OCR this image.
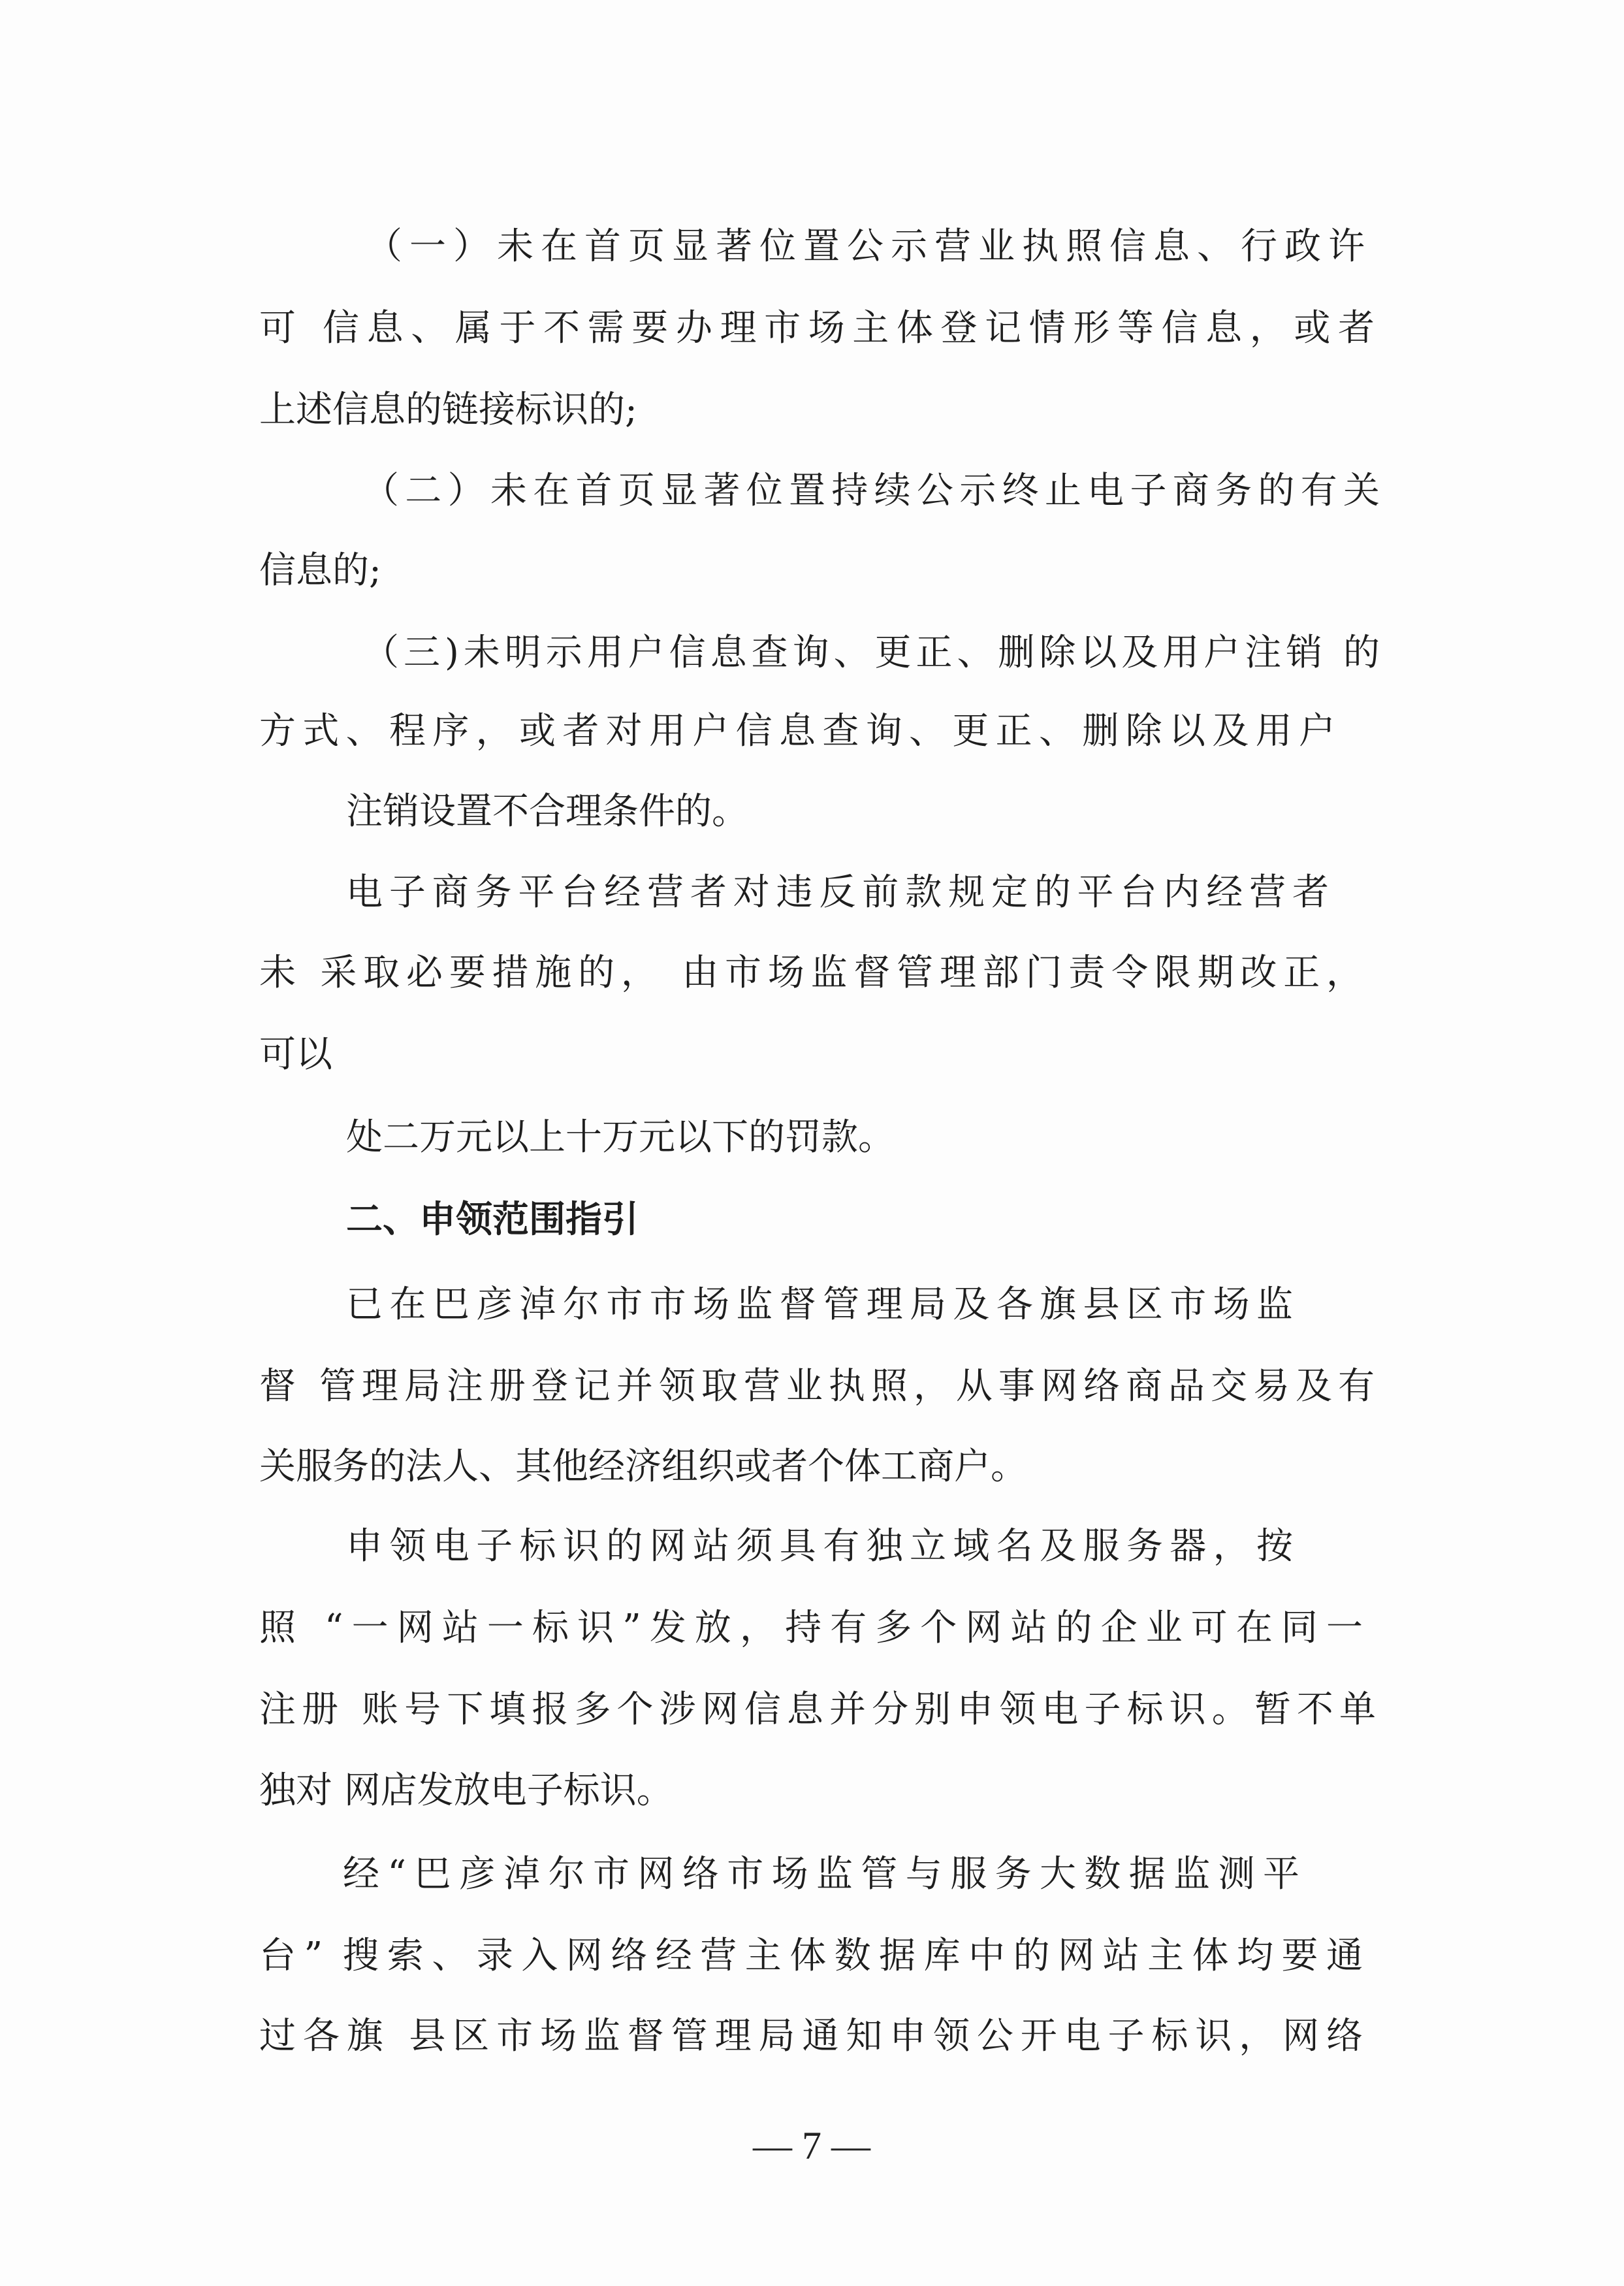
（一）未在首页显著位置公示营业执照信息、行政许
可 信息、属于不需要办理市场主体登记情形等信息，或者
上述信息的链接标识的;
（二）未在首页显著位置持续公示终止电子商务的有关
信息的;
（三)未明示用户信息查询、更正、删除以及用户注销 的
方式、程序，或者对用户信息查询、更正、删除以及用户
注销设置不合理条件的。
电子商务平台经营者对违反前款规定的平台内经营者
未 采取必要措施的， 由市场监督管理部门责令限期改正，
可以
处二万元以上十万元以下的罚款。
二、申领范围指引
已在巴彦淖尔市市场监督管理局及各旗县区市场监
督 管理局注册登记并领取营业执照，从事网络商品交易及有
关服务的法人、其他经济组织或者个体工商户。
申领电子标识的网站须具有独立域名及服务器，按
照 “一网站一标识”发放，持有多个网站的企业可在同一
注册 账号下填报多个涉网信息并分别申领电子标识。暂不单
独对 网店发放电子标识。
经“巴彦淖尔市网络市场监管与服务大数据监测平
台” 搜索、录入网络经营主体数据库中的网站主体均要通
过各旗 县区市场监督管理局通知申领公开电子标识，网络
— 7 —
